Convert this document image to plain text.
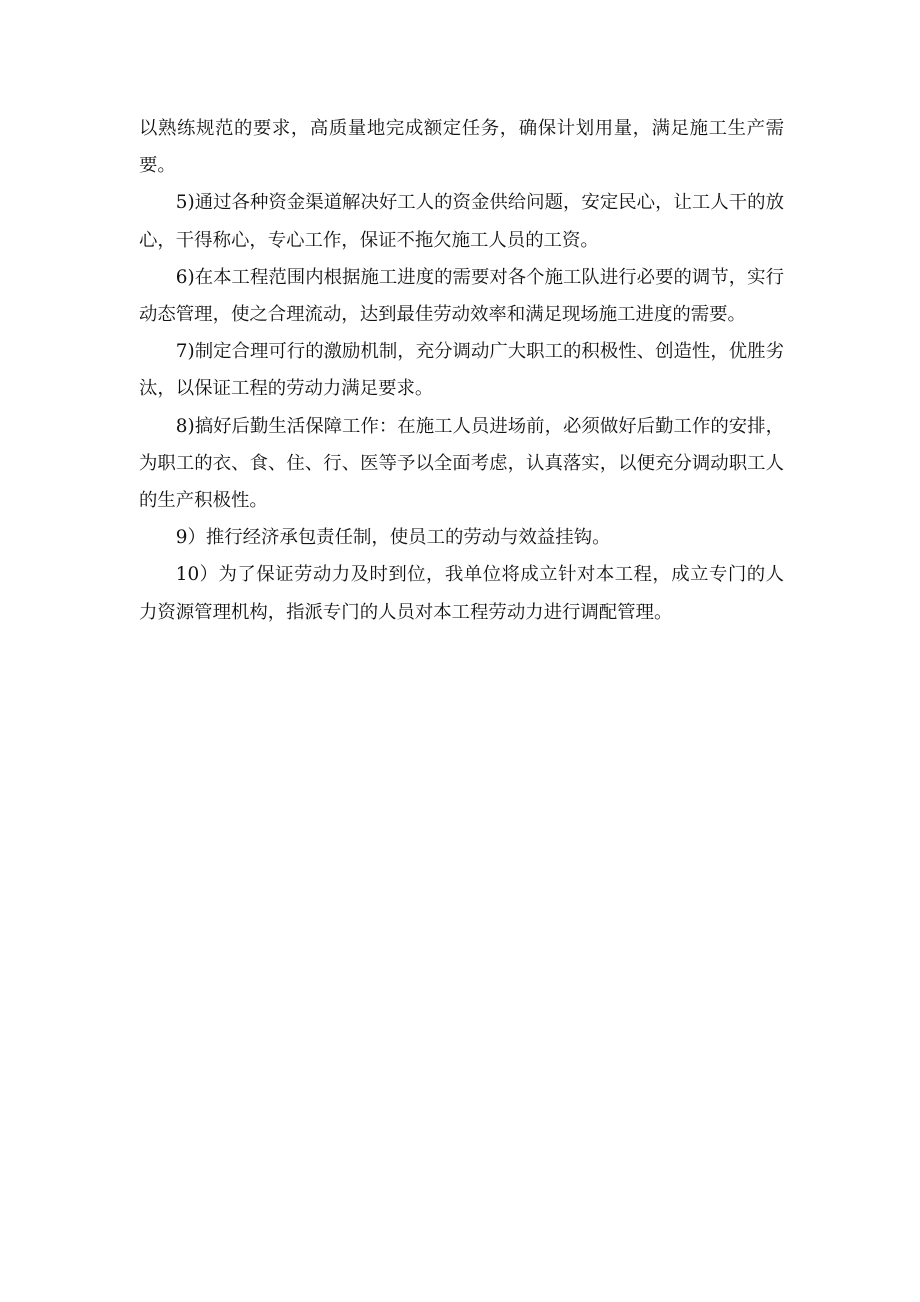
以熟练规范的要求，高质量地完成额定任务，确保计划用量，满足施工生产需要。

5)通过各种资金渠道解决好工人的资金供给问题，安定民心，让工人干的放心，干得称心，专心工作，保证不拖欠施工人员的工资。

6)在本工程范围内根据施工进度的需要对各个施工队进行必要的调节，实行动态管理，使之合理流动，达到最佳劳动效率和满足现场施工进度的需要。

7)制定合理可行的激励机制，充分调动广大职工的积极性、创造性，优胜劣汰，以保证工程的劳动力满足要求。

8)搞好后勤生活保障工作：在施工人员进场前，必须做好后勤工作的安排，为职工的衣、食、住、行、医等予以全面考虑，认真落实，以便充分调动职工人的生产积极性。

9）推行经济承包责任制，使员工的劳动与效益挂钩。

10）为了保证劳动力及时到位，我单位将成立针对本工程，成立专门的人力资源管理机构，指派专门的人员对本工程劳动力进行调配管理。
